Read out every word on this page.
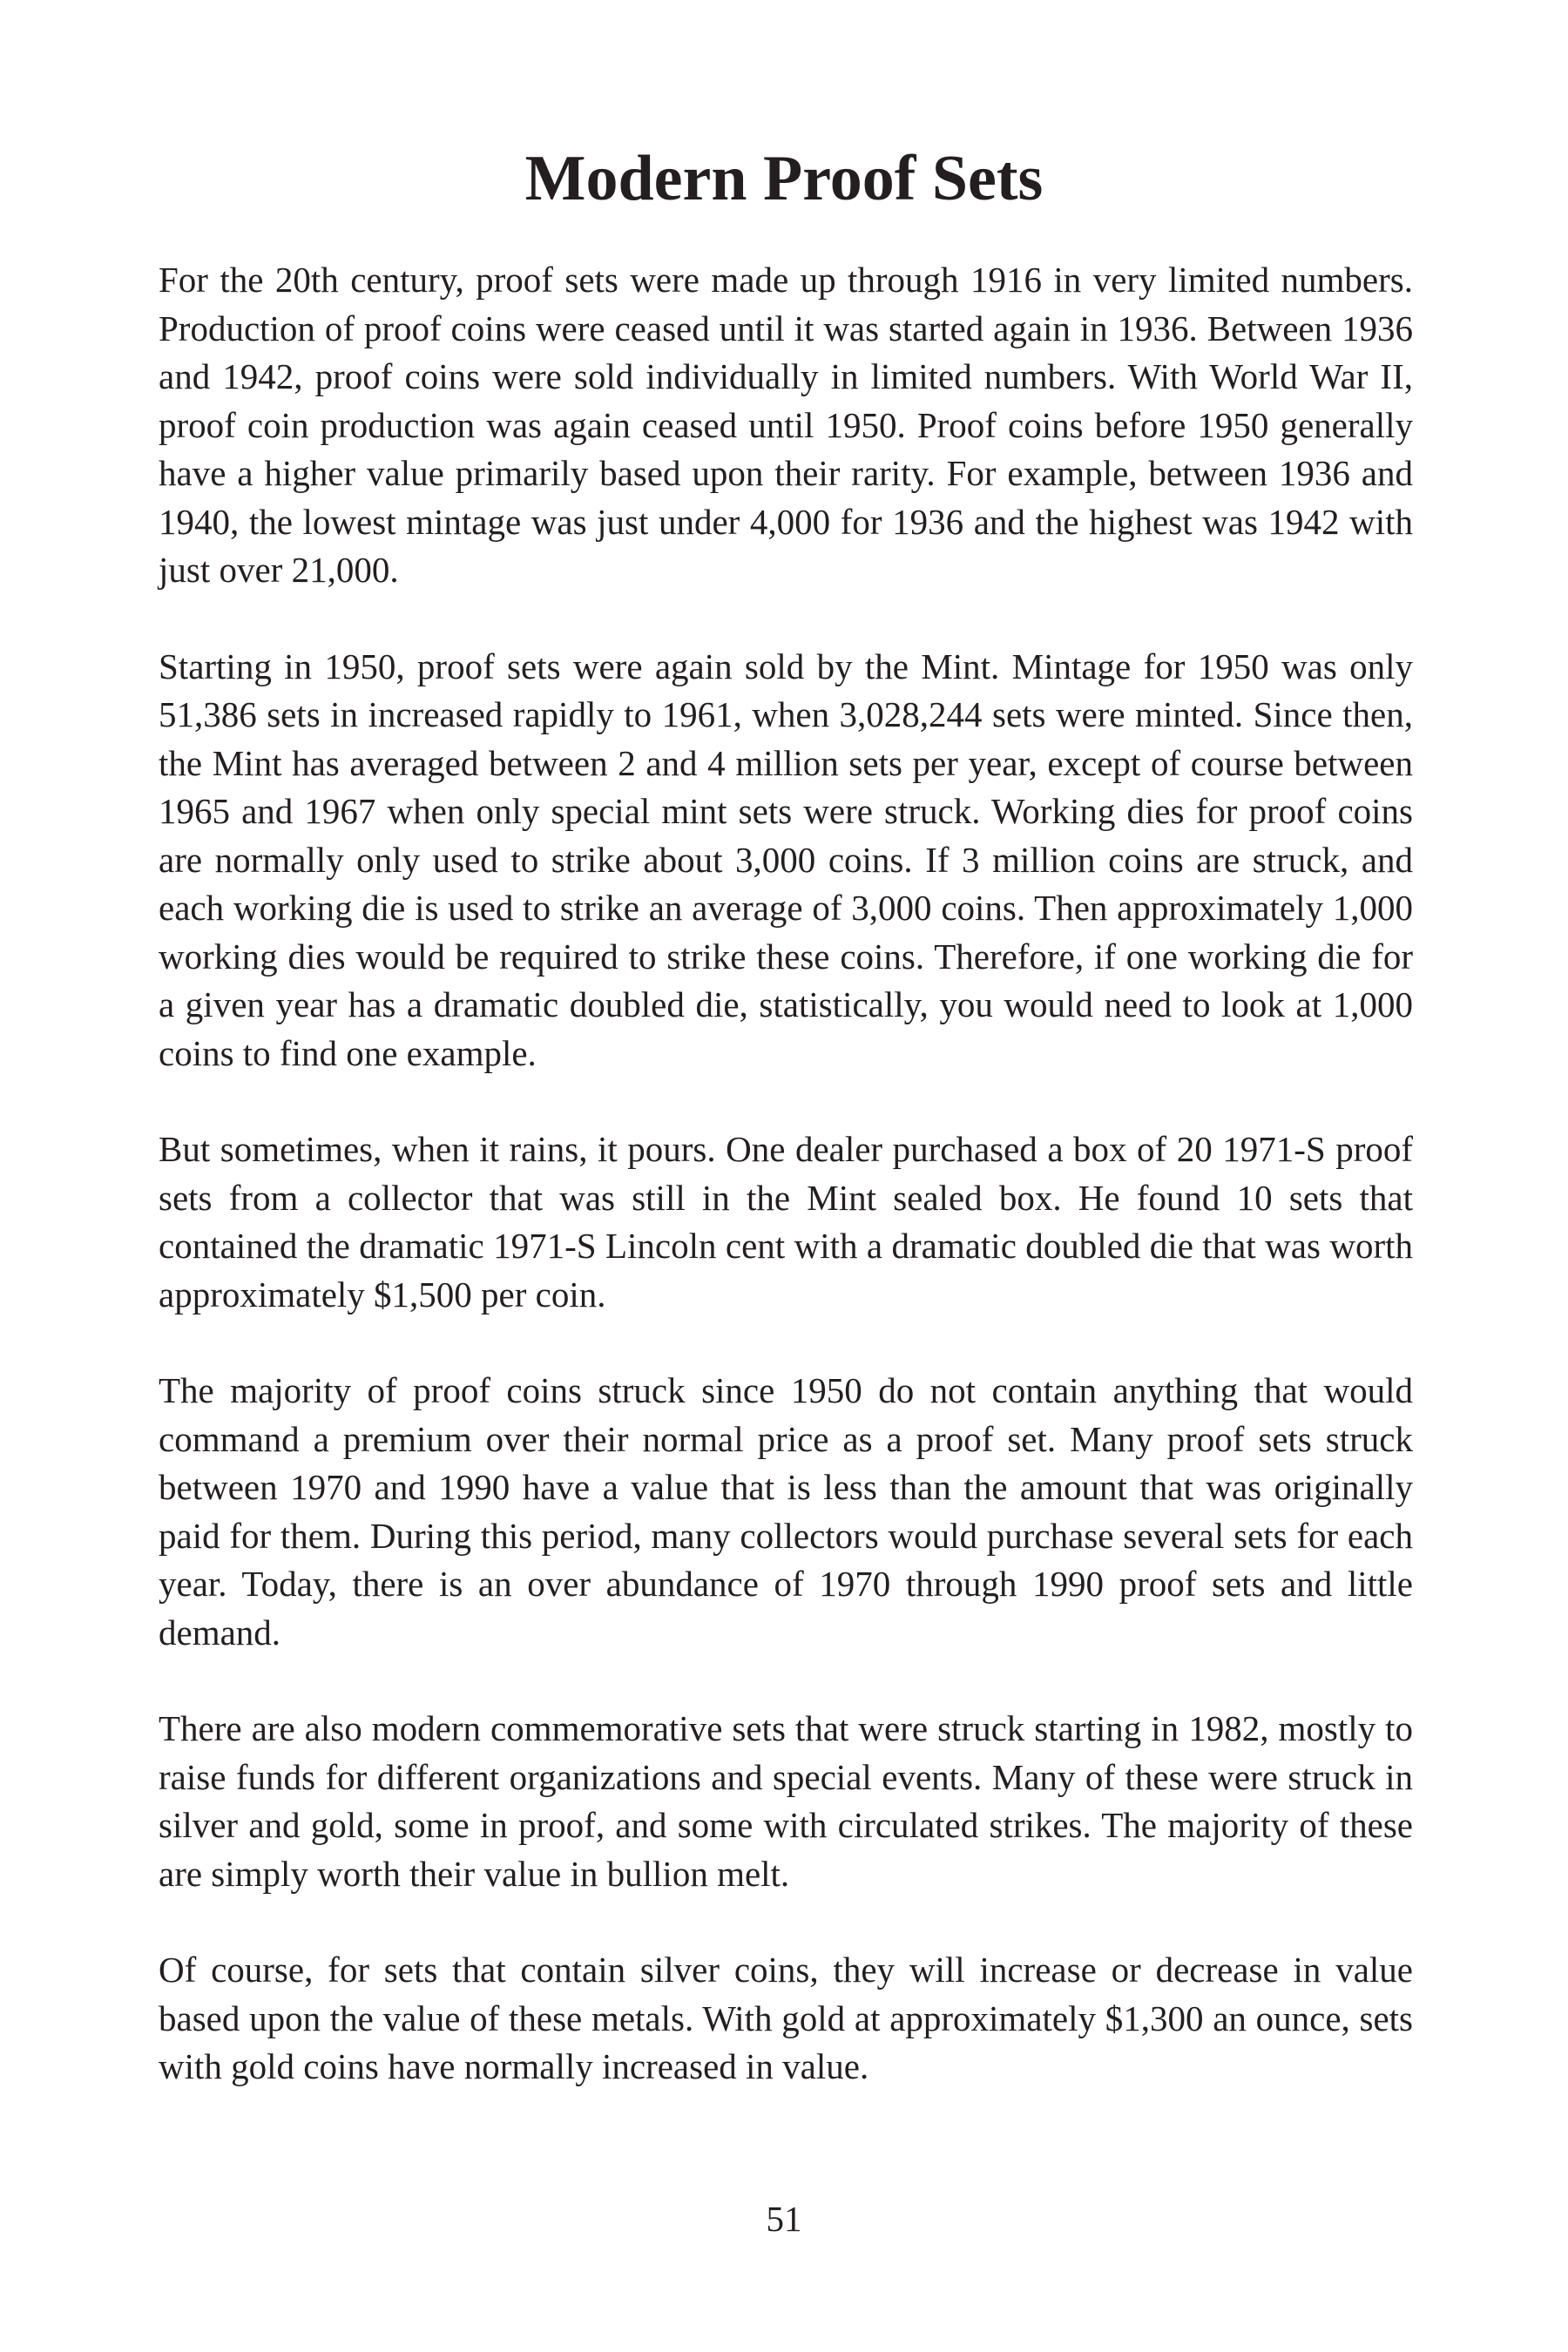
Modern Proof Sets

For the 20th century, proof sets were made up through 1916 in very limited numbers. Production of proof coins were ceased until it was started again in 1936. Between 1936 and 1942, proof coins were sold individually in limited numbers. With World War II, proof coin production was again ceased until 1950. Proof coins before 1950 generally have a higher value primarily based upon their rarity. For example, between 1936 and 1940, the lowest mintage was just under 4,000 for 1936 and the highest was 1942 with just over 21,000.

Starting in 1950, proof sets were again sold by the Mint. Mintage for 1950 was only 51,386 sets in increased rapidly to 1961, when 3,028,244 sets were minted. Since then, the Mint has averaged between 2 and 4 million sets per year, except of course between 1965 and 1967 when only special mint sets were struck. Working dies for proof coins are normally only used to strike about 3,000 coins. If 3 million coins are struck, and each working die is used to strike an average of 3,000 coins. Then approximately 1,000 working dies would be required to strike these coins. Therefore, if one working die for a given year has a dramatic doubled die, statistically, you would need to look at 1,000 coins to find one example.

But sometimes, when it rains, it pours. One dealer purchased a box of 20 1971-S proof sets from a collector that was still in the Mint sealed box. He found 10 sets that contained the dramatic 1971-S Lincoln cent with a dramatic doubled die that was worth approximately $1,500 per coin.

The majority of proof coins struck since 1950 do not contain anything that would command a premium over their normal price as a proof set. Many proof sets struck between 1970 and 1990 have a value that is less than the amount that was originally paid for them. During this period, many collectors would purchase several sets for each year. Today, there is an over abundance of 1970 through 1990 proof sets and little demand.

There are also modern commemorative sets that were struck starting in 1982, mostly to raise funds for different organizations and special events. Many of these were struck in silver and gold, some in proof, and some with circulated strikes. The majority of these are simply worth their value in bullion melt.

Of course, for sets that contain silver coins, they will increase or decrease in value based upon the value of these metals. With gold at approximately $1,300 an ounce, sets with gold coins have normally increased in value.

51
